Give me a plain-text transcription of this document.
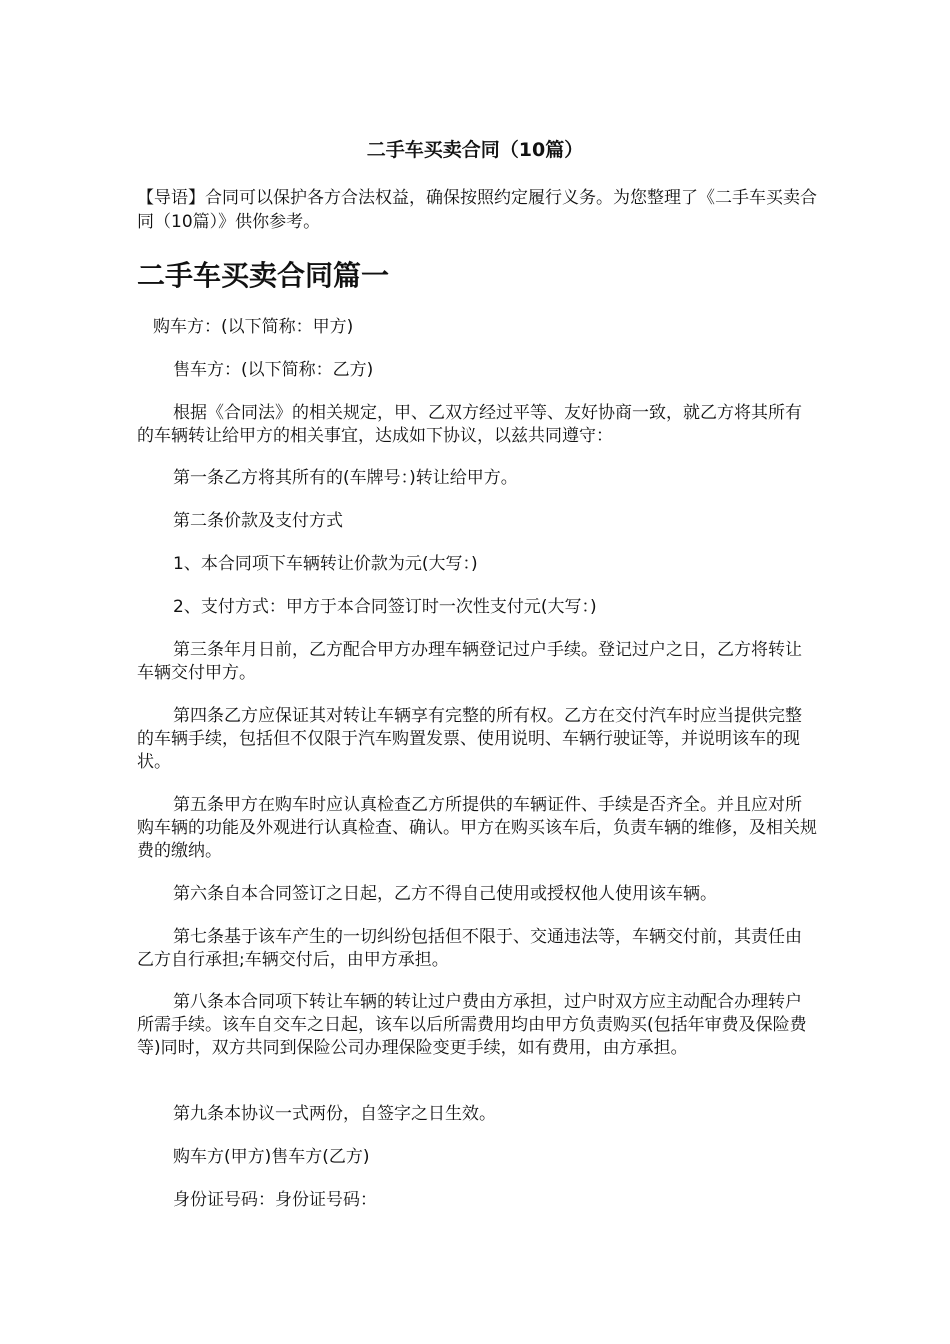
二手车买卖合同（10篇）
【导语】合同可以保护各方合法权益，确保按照约定履行义务。为您整理了《二手车买卖合同（10篇）》供你参考。
二手车买卖合同篇一
购车方：(以下简称：甲方)
售车方：(以下简称：乙方)
根据《合同法》的相关规定，甲、乙双方经过平等、友好协商一致，就乙方将其所有的车辆转让给甲方的相关事宜，达成如下协议，以兹共同遵守：
第一条乙方将其所有的(车牌号：)转让给甲方。
第二条价款及支付方式
1、本合同项下车辆转让价款为元(大写：)
2、支付方式：甲方于本合同签订时一次性支付元(大写：)
第三条年月日前，乙方配合甲方办理车辆登记过户手续。登记过户之日，乙方将转让车辆交付甲方。
第四条乙方应保证其对转让车辆享有完整的所有权。乙方在交付汽车时应当提供完整的车辆手续，包括但不仅限于汽车购置发票、使用说明、车辆行驶证等，并说明该车的现状。
第五条甲方在购车时应认真检查乙方所提供的车辆证件、手续是否齐全。并且应对所购车辆的功能及外观进行认真检查、确认。甲方在购买该车后，负责车辆的维修，及相关规费的缴纳。
第六条自本合同签订之日起，乙方不得自己使用或授权他人使用该车辆。
第七条基于该车产生的一切纠纷包括但不限于、交通违法等，车辆交付前，其责任由乙方自行承担;车辆交付后，由甲方承担。
第八条本合同项下转让车辆的转让过户费由方承担，过户时双方应主动配合办理转户所需手续。该车自交车之日起，该车以后所需费用均由甲方负责购买(包括年审费及保险费等)同时，双方共同到保险公司办理保险变更手续，如有费用，由方承担。
第九条本协议一式两份，自签字之日生效。
购车方(甲方)售车方(乙方)
身份证号码：身份证号码：
